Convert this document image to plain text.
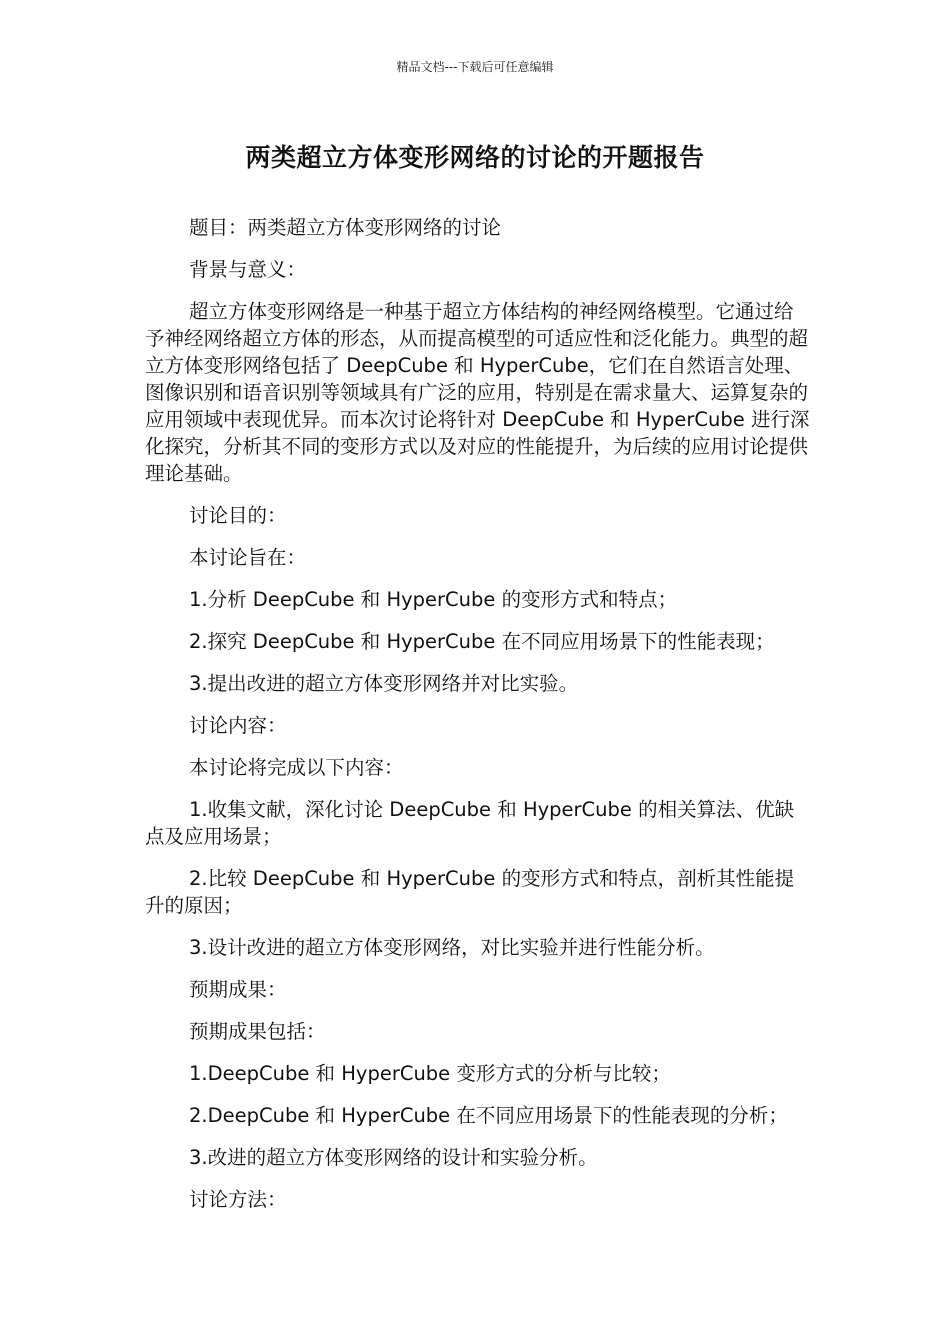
精品文档---下载后可任意编辑
两类超立方体变形网络的讨论的开题报告

题目：两类超立方体变形网络的讨论

背景与意义：

超立方体变形网络是一种基于超立方体结构的神经网络模型。它通过给予神经网络超立方体的形态，从而提高模型的可适应性和泛化能力。典型的超立方体变形网络包括了 DeepCube 和 HyperCube，它们在自然语言处理、图像识别和语音识别等领域具有广泛的应用，特别是在需求量大、运算复杂的应用领域中表现优异。而本次讨论将针对 DeepCube 和 HyperCube 进行深化探究，分析其不同的变形方式以及对应的性能提升，为后续的应用讨论提供理论基础。

讨论目的：

本讨论旨在：

1.分析 DeepCube 和 HyperCube 的变形方式和特点；

2.探究 DeepCube 和 HyperCube 在不同应用场景下的性能表现；

3.提出改进的超立方体变形网络并对比实验。

讨论内容：

本讨论将完成以下内容：

1.收集文献，深化讨论 DeepCube 和 HyperCube 的相关算法、优缺点及应用场景；

2.比较 DeepCube 和 HyperCube 的变形方式和特点，剖析其性能提升的原因；

3.设计改进的超立方体变形网络，对比实验并进行性能分析。

预期成果：

预期成果包括：

1.DeepCube 和 HyperCube 变形方式的分析与比较；

2.DeepCube 和 HyperCube 在不同应用场景下的性能表现的分析；

3.改进的超立方体变形网络的设计和实验分析。

讨论方法：
